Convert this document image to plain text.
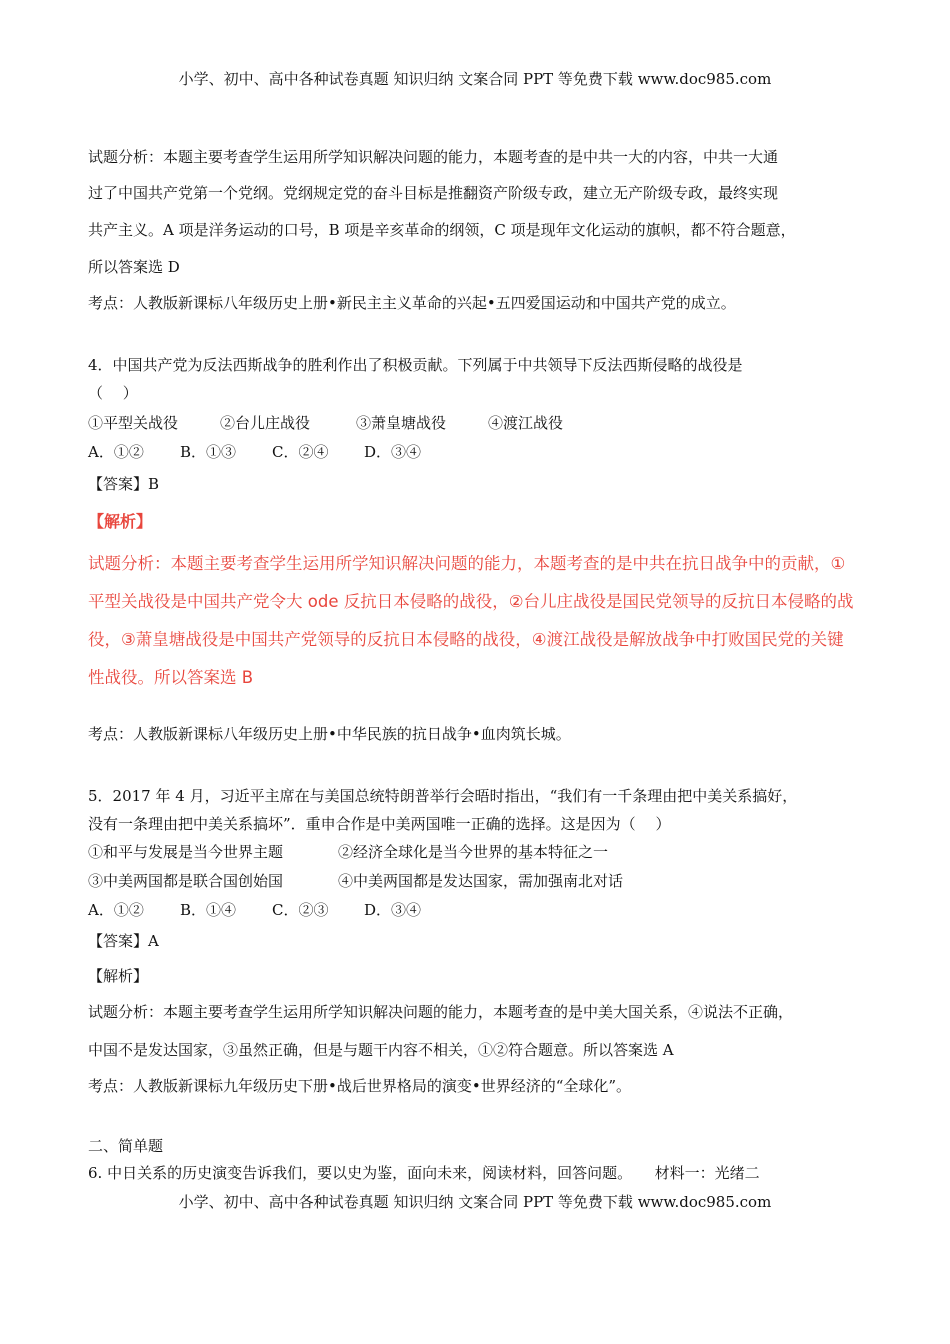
小学、初中、高中各种试卷真题 知识归纳 文案合同 PPT 等免费下载 www.doc985.com
试题分析：本题主要考查学生运用所学知识解决问题的能力，本题考查的是中共一大的内容，中共一大通
过了中国共产党第一个党纲。党纲规定党的奋斗目标是推翻资产阶级专政，建立无产阶级专政，最终实现
共产主义。A 项是洋务运动的口号，B 项是辛亥革命的纲领，C 项是现年文化运动的旗帜，都不符合题意，
所以答案选 D
考点：人教版新课标八年级历史上册•新民主主义革命的兴起•五四爱国运动和中国共产党的成立。
4．中国共产党为反法西斯战争的胜利作出了积极贡献。下列属于中共领导下反法西斯侵略的战役是
（　 ）
①平型关战役	②台儿庄战役	③萧皇塘战役	④渡江战役
A．①② B．①③ C．②④ D．③④
【答案】B
【解析】
试题分析：本题主要考查学生运用所学知识解决问题的能力，本题考查的是中共在抗日战争中的贡献，①
平型关战役是中国共产党令大 ode 反抗日本侵略的战役，②台儿庄战役是国民党领导的反抗日本侵略的战
役，③萧皇塘战役是中国共产党领导的反抗日本侵略的战役，④渡江战役是解放战争中打败国民党的关键
性战役。所以答案选 B
考点：人教版新课标八年级历史上册•中华民族的抗日战争•血肉筑长城。
5．2017 年 4 月，习近平主席在与美国总统特朗普举行会晤时指出，“我们有一千条理由把中美关系搞好，
没有一条理由把中美关系搞坏”．重申合作是中美两国唯一正确的选择。这是因为（　 ）
①和平与发展是当今世界主题	②经济全球化是当今世界的基本特征之一
③中美两国都是联合国创始国	④中美两国都是发达国家，需加强南北对话
A．①② B．①④ C．②③ D．③④
【答案】A
【解析】
试题分析：本题主要考查学生运用所学知识解决问题的能力，本题考查的是中美大国关系，④说法不正确，
中国不是发达国家，③虽然正确，但是与题干内容不相关，①②符合题意。所以答案选 A
考点：人教版新课标九年级历史下册•战后世界格局的演变•世界经济的“全球化”。
二、简单题
6. 中日关系的历史演变告诉我们，要以史为鉴，面向未来，阅读材料，回答问题。　　材料一：光绪二
小学、初中、高中各种试卷真题 知识归纳 文案合同 PPT 等免费下载 www.doc985.com
